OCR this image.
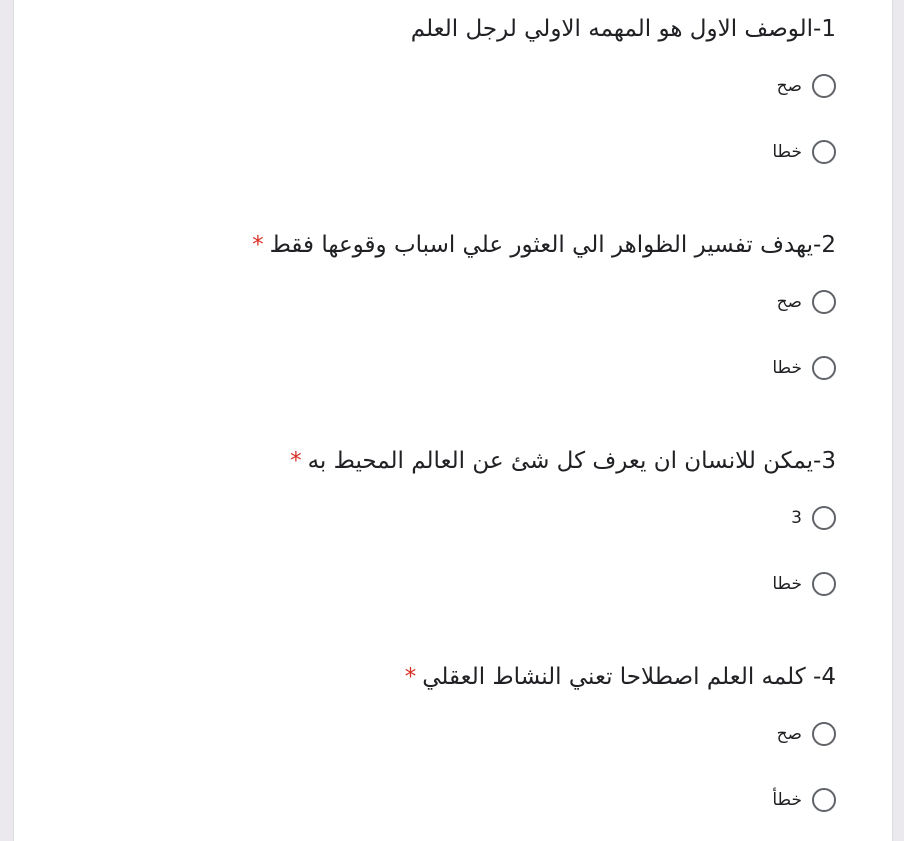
1-الوصف الاول هو المهمه الاولي لرجل العلم
صح
خطا
2-يهدف تفسير الظواهر الي العثور علي اسباب وقوعها فقط*
صح
خطا
3-يمكن للانسان ان يعرف كل شئ عن العالم المحيط به*
3
خطا
4- كلمه العلم اصطلاحا تعني النشاط العقلي*
صح
خطأ
